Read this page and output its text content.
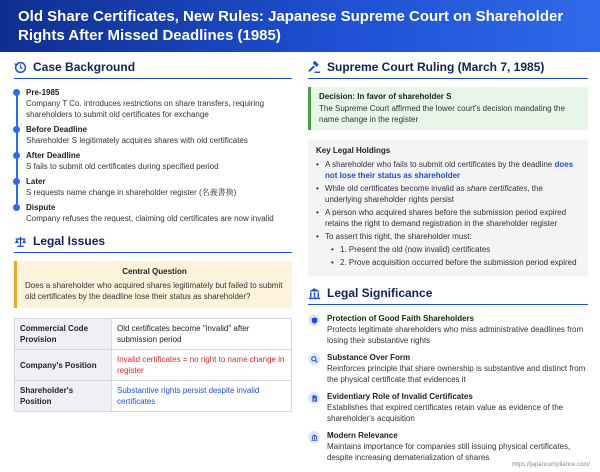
Old Share Certificates, New Rules: Japanese Supreme Court on Shareholder Rights After Missed Deadlines (1985)
Case Background
Pre-1985
Company T Co. introduces restrictions on share transfers, requiring shareholders to submit old certificates for exchange
Before Deadline
Shareholder S legitimately acquires shares with old certificates
After Deadline
S fails to submit old certificates during specified period
Later
S requests name change in shareholder register (名義書換)
Dispute
Company refuses the request, claiming old certificates are now invalid
Legal Issues
Central Question
Does a shareholder who acquired shares legitimately but failed to submit old certificates by the deadline lose their status as shareholder?
Commercial Code Provision	Old certificates become "invalid" after submission period
Company's Position	Invalid certificates = no right to name change in register
Shareholder's Position	Substantive rights persist despite invalid certificates
Supreme Court Ruling (March 7, 1985)
Decision: In favor of shareholder S
The Supreme Court affirmed the lower court's decision mandating the name change in the register
Key Legal Holdings
• A shareholder who fails to submit old certificates by the deadline does not lose their status as shareholder
• While old certificates become invalid as share certificates, the underlying shareholder rights persist
• A person who acquired shares before the submission period expired retains the right to demand registration in the shareholder register
• To assert this right, the shareholder must:
• 1. Present the old (now invalid) certificates
• 2. Prove acquisition occurred before the submission period expired
Legal Significance
Protection of Good Faith Shareholders
Protects legitimate shareholders who miss administrative deadlines from losing their substantive rights
Substance Over Form
Reinforces principle that share ownership is substantive and distinct from the physical certificate that evidences it
Evidentiary Role of Invalid Certificates
Establishes that expired certificates retain value as evidence of the shareholder's acquisition
Modern Relevance
Maintains importance for companies still issuing physical certificates, despite increasing dematerialization of shares
https://japancompliance.com/
